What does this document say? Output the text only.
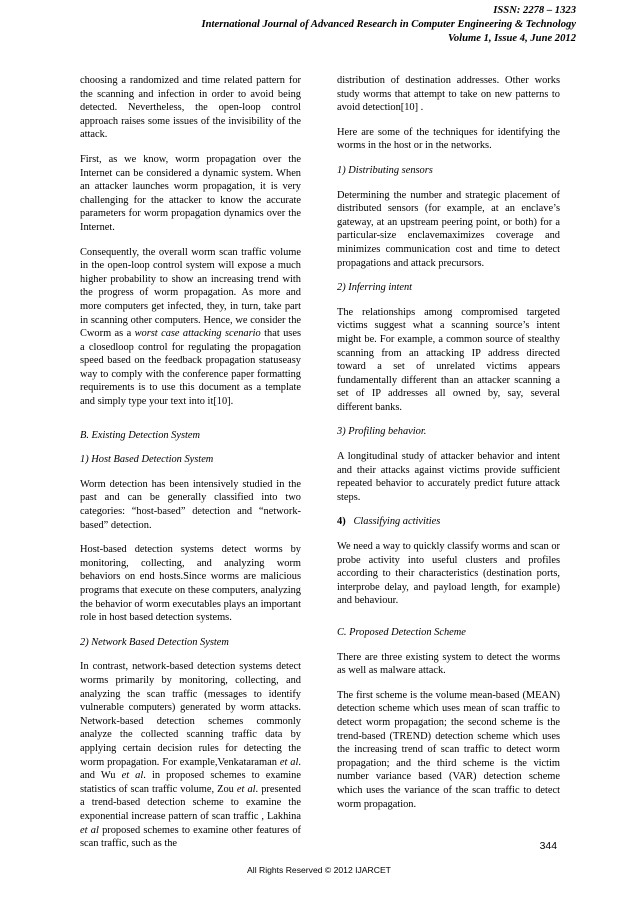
ISSN: 2278 – 1323
International Journal of Advanced Research in Computer Engineering & Technology
Volume 1, Issue 4, June 2012

choosing a randomized and time related pattern for the scanning and infection in order to avoid being detected. Nevertheless, the open-loop control approach raises some issues of the invisibility of the attack.

First, as we know, worm propagation over the Internet can be considered a dynamic system. When an attacker launches worm propagation, it is very challenging for the attacker to know the accurate parameters for worm propagation dynamics over the Internet.

Consequently, the overall worm scan traffic volume in the open-loop control system will expose a much higher probability to show an increasing trend with the progress of worm propagation. As more and more computers get infected, they, in turn, take part in scanning other computers. Hence, we consider the Cworm as a worst case attacking scenario that uses a closedloop control for regulating the propagation speed based on the feedback propagation statuseasy way to comply with the conference paper formatting requirements is to use this document as a template and simply type your text into it[10].

B. Existing Detection System
1) Host Based Detection System

Worm detection has been intensively studied in the past and can be generally classified into two categories: “host-based” detection and “network-based” detection.

Host-based detection systems detect worms by monitoring, collecting, and analyzing worm behaviors on end hosts.Since worms are malicious programs that execute on these computers, analyzing the behavior of worm executables plays an important role in host based detection systems.

2) Network Based Detection System

In contrast, network-based detection systems detect worms primarily by monitoring, collecting, and analyzing the scan traffic (messages to identify vulnerable computers) generated by worm attacks. Network-based detection schemes commonly analyze the collected scanning traffic data by applying certain decision rules for detecting the worm propagation. For example,Venkataraman et al. and Wu et al. in proposed schemes to examine statistics of scan traffic volume, Zou et al. presented a trend-based detection scheme to examine the exponential increase pattern of scan traffic , Lakhina et al proposed schemes to examine other features of scan traffic, such as the

distribution of destination addresses. Other works study worms that attempt to take on new patterns to avoid detection[10] .

Here are some of the techniques for identifying the worms in the host or in the networks.

1) Distributing sensors

Determining the number and strategic placement of distributed sensors (for example, at an enclave’s gateway, at an upstream peering point, or both) for a particular-size enclavemaximizes coverage and minimizes communication cost and time to detect propagations and attack precursors.

2) Inferring intent

The relationships among compromised targeted victims suggest what a scanning source’s intent might be. For example, a common source of stealthy scanning from an attacking IP address directed toward a set of unrelated victims appears fundamentally different than an attacker scanning a set of IP addresses all owned by, say, several different banks.

3) Profiling behavior.

A longitudinal study of attacker behavior and intent and their attacks against victims provide sufficient repeated behavior to accurately predict future attack steps.

4)   Classifying activities

We need a way to quickly classify worms and scan or probe activity into useful clusters and profiles according to their characteristics (destination ports, interprobe delay, and payload length, for example) and behaviour.

C. Proposed Detection Scheme

There are three existing system to detect the worms as well as malware attack.

The first scheme is the volume mean-based (MEAN) detection scheme which uses mean of scan traffic to detect worm propagation; the second scheme is the trend-based (TREND) detection scheme which uses the increasing trend of scan traffic to detect worm propagation; and the third scheme is the victim number variance based (VAR) detection scheme which uses the variance of the scan traffic to detect worm propagation.

344
All Rights Reserved © 2012 IJARCET
